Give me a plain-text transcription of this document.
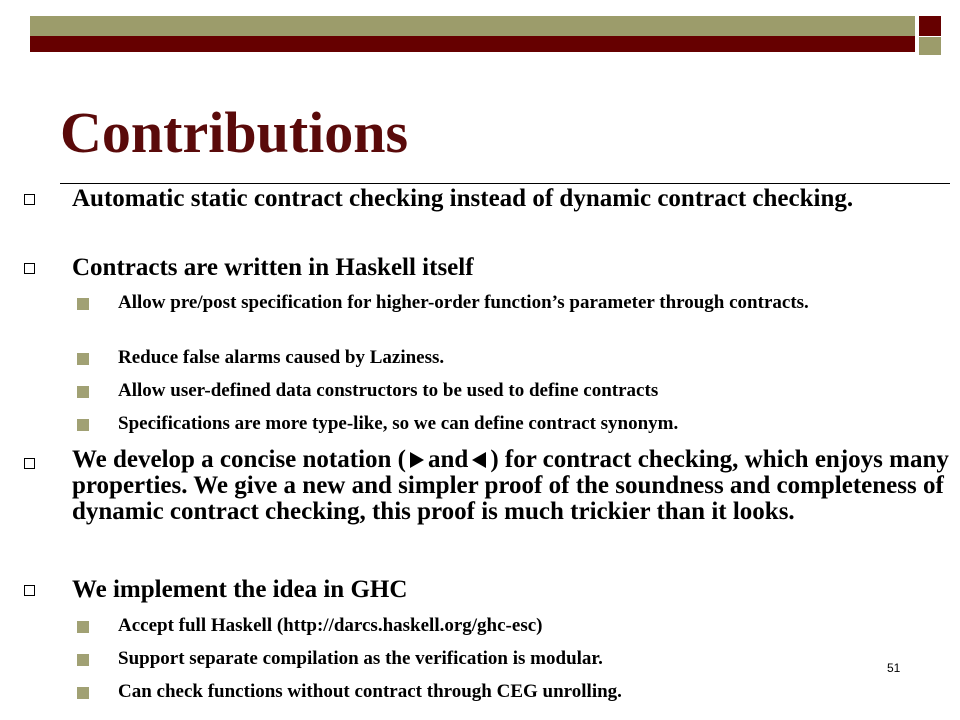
Contributions
Automatic static contract checking instead of dynamic contract checking.
Contracts are written in Haskell itself
Allow pre/post specification for higher-order function’s parameter through contracts.
Reduce false alarms caused by Laziness.
Allow user-defined data constructors to be used to define contracts
Specifications are more type-like, so we can define contract synonym.
We develop a concise notation ( and ) for contract checking, which enjoys many properties. We give a new and simpler proof of the soundness and completeness of dynamic contract checking, this proof is much trickier than it looks.
We implement the idea in GHC
Accept full Haskell (http://darcs.haskell.org/ghc-esc)
Support separate compilation as the verification is modular.
Can check functions without contract through CEG unrolling.
51
